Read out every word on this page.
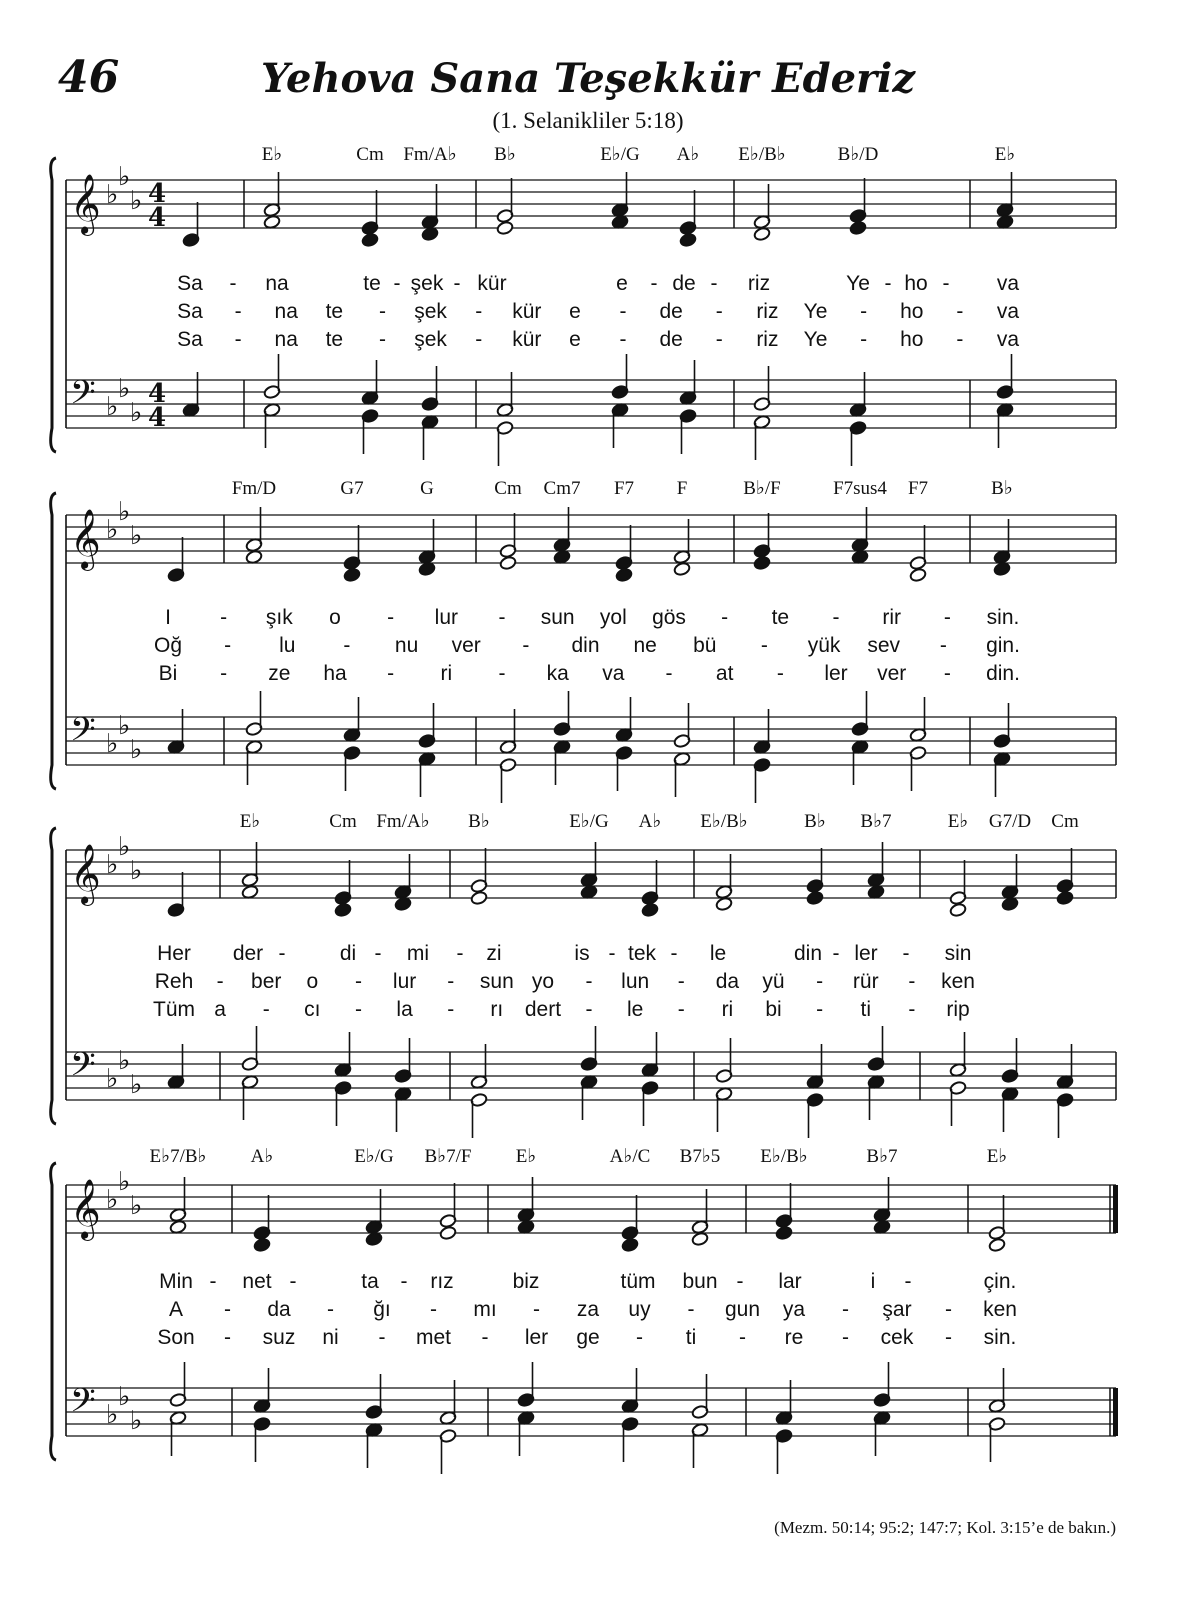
46	Yehova Sana Teşekkür Ederiz
(1. Selanikliler 5:18)
𝄞
𝄢
♭
♭
♭
♭
♭
♭
4
4
4
4
E♭	Cm Fm/A♭ B♭	E♭/G A♭ E♭/B♭	B♭/D	E♭
Sa - na	te - şek - kür	e - de - riz	Ye - ho - va
Sa - na te - şek - kür e - de - riz Ye - ho - va
Sa - na te - şek - kür e - de - riz Ye - ho - va
𝄞
𝄢
♭
♭
♭
♭
♭
♭
Fm/D	G7	G	Cm Cm7 F7 F	B♭/F	F7sus4 F7	B♭
I - şık o - lur - sun yol gös - te - rir - sin.
Oğ - lu - nu ver - din ne bü - yük sev - gin.
Bi - ze ha - ri - ka va - at - ler ver - din.
𝄞
𝄢
♭
♭
♭
♭
♭
♭
E♭	Cm Fm/A♭ B♭	E♭/G A♭ E♭/B♭	B♭ B♭7	E♭ G7/D Cm
Her der -	di - mi - zi	is - tek - le	din - ler - sin
Reh - ber o - lur - sun yo - lun - da yü - rür - ken
Tüm a - cı - la - rı dert - le - ri bi - ti - rip
𝄞
𝄢
♭
♭
♭
♭
♭
♭
E♭7/B♭ A♭	E♭/G B♭7/F E♭	A♭/C B7♭5 E♭/B♭	B♭7	E♭
Min - net -	ta - rız	biz	tüm bun - lar	i -	çin.
A - da - ğı - mı - za uy - gun ya - şar - ken
Son - suz ni - met - ler ge - ti - re - cek - sin.
(Mezm. 50:14; 95:2; 147:7; Kol. 3:15’e de bakın.)
